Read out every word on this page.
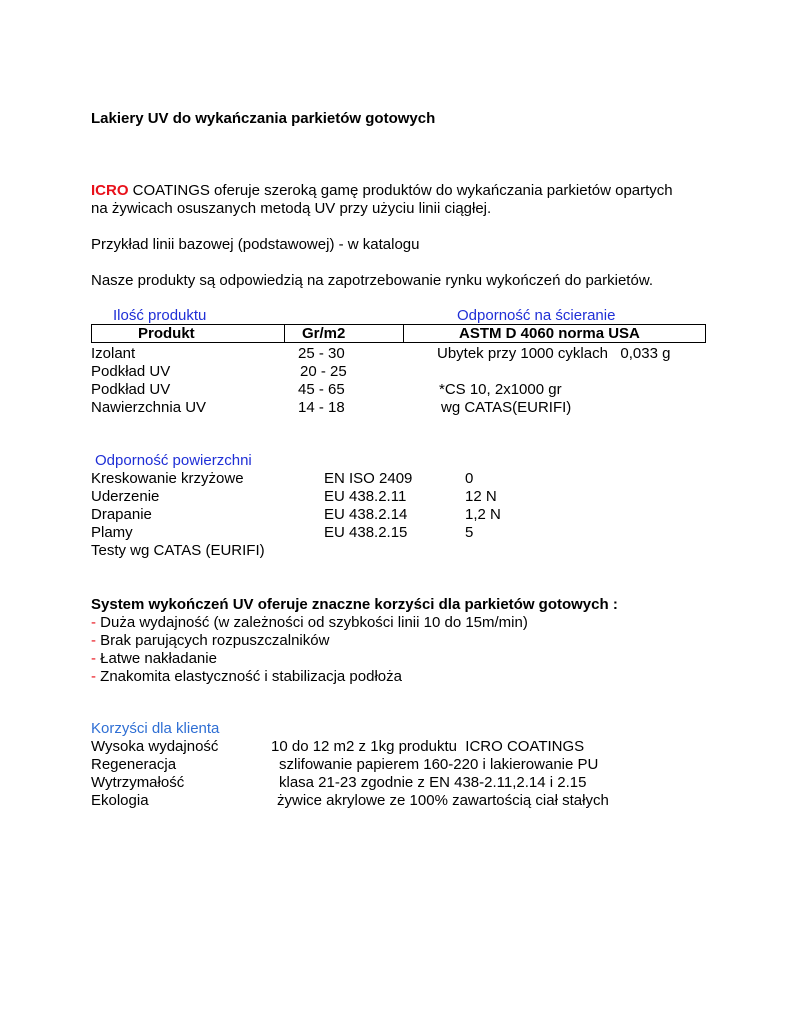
Lakiery UV do wykańczania parkietów gotowych
ICRO COATINGS oferuje szeroką gamę produktów do wykańczania parkietów opartych
na żywicach osuszanych metodą UV przy użyciu linii ciągłej.
Przykład linii bazowej (podstawowej) - w katalogu
Nasze produkty są odpowiedzią na zapotrzebowanie rynku wykończeń do parkietów.
Ilość produktu	Odporność na ścieranie
Produkt	Gr/m2	ASTM D 4060 norma USA
Izolant	25 - 30	Ubytek przy 1000 cyklach   0,033 g
Podkład UV	20 - 25
Podkład UV	45 - 65	*CS 10, 2x1000 gr
Nawierzchnia UV	14 - 18	wg CATAS(EURIFI)
Odporność powierzchni
Kreskowanie krzyżowe	EN ISO 2409	0
Uderzenie	EU 438.2.11	12 N
Drapanie	EU 438.2.14	1,2 N
Plamy	EU 438.2.15	5
Testy wg CATAS (EURIFI)
System wykończeń UV oferuje znaczne korzyści dla parkietów gotowych :
- Duża wydajność (w zależności od szybkości linii 10 do 15m/min)
- Brak parujących rozpuszczalników
- Łatwe nakładanie
- Znakomita elastyczność i stabilizacja podłoża
Korzyści dla klienta
Wysoka wydajność	10 do 12 m2 z 1kg produktu  ICRO COATINGS
Regeneracja	szlifowanie papierem 160-220 i lakierowanie PU
Wytrzymałość	klasa 21-23 zgodnie z EN 438-2.11,2.14 i 2.15
Ekologia	żywice akrylowe ze 100% zawartością ciał stałych
